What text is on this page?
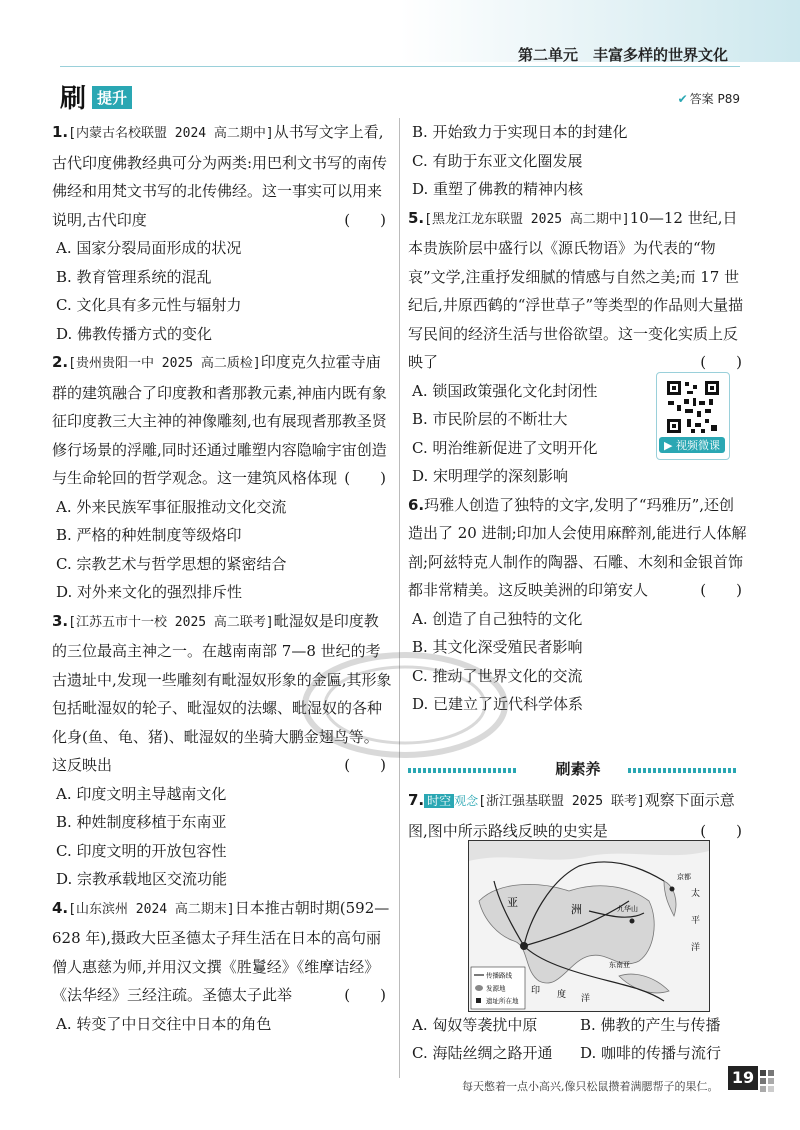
第二单元　丰富多样的世界文化
刷 提升	✔ 答案 P89

1.[内蒙古名校联盟 2024 高二期中]从书写文字上看,古代印度佛教经典可分为两类:用巴利文书写的南传佛经和用梵文书写的北传佛经。这一事实可以用来说明,古代印度	(　　)

A. 国家分裂局面形成的状况
B. 教育管理系统的混乱
C. 文化具有多元性与辐射力
D. 佛教传播方式的变化

2.[贵州贵阳一中 2025 高二质检]印度克久拉霍寺庙群的建筑融合了印度教和耆那教元素,神庙内既有象征印度教三大主神的神像雕刻,也有展现耆那教圣贤修行场景的浮雕,同时还通过雕塑内容隐喻宇宙创造与生命轮回的哲学观念。这一建筑风格体现 (　　)

A. 外来民族军事征服推动文化交流
B. 严格的种姓制度等级烙印
C. 宗教艺术与哲学思想的紧密结合
D. 对外来文化的强烈排斥性

3.[江苏五市十一校 2025 高二联考]毗湿奴是印度教的三位最高主神之一。在越南南部 7—8 世纪的考古遗址中,发现一些雕刻有毗湿奴形象的金匾,其形象包括毗湿奴的轮子、毗湿奴的法螺、毗湿奴的各种化身(鱼、龟、猪)、毗湿奴的坐骑大鹏金翅鸟等。这反映出	(　　)

A. 印度文明主导越南文化
B. 种姓制度移植于东南亚
C. 印度文明的开放包容性
D. 宗教承载地区交流功能

4.[山东滨州 2024 高二期末]日本推古朝时期(592—628 年),摄政大臣圣德太子拜生活在日本的高句丽僧人惠慈为师,并用汉文撰《胜鬘经》《维摩诘经》《法华经》三经注疏。圣德太子此举	(　　)

A. 转变了中日交往中日本的角色
B. 开始致力于实现日本的封建化
C. 有助于东亚文化圈发展
D. 重塑了佛教的精神内核

5.[黑龙江龙东联盟 2025 高二期中]10—12 世纪,日本贵族阶层中盛行以《源氏物语》为代表的“物哀”文学,注重抒发细腻的情感与自然之美;而 17 世纪后,井原西鹤的“浮世草子”等类型的作品则大量描写民间的经济生活与世俗欲望。这一变化实质上反映了	(　　)

A. 锁国政策强化文化封闭性
B. 市民阶层的不断壮大
C. 明治维新促进了文明开化
D. 宋明理学的深刻影响

6.玛雅人创造了独特的文字,发明了“玛雅历”,还创造出了 20 进制;印加人会使用麻醉剂,能进行人体解剖;阿兹特克人制作的陶器、石雕、木刻和金银首饰都非常精美。这反映美洲的印第安人	(　　)

A. 创造了自己独特的文化
B. 其文化深受殖民者影响
C. 推动了世界文化的交流
D. 已建立了近代科学体系
▶ 视频微课
刷素养

7. 时空 观念[浙江强基联盟 2025 联考]观察下面示意图,图中所示路线反映的史实是	(　　)

亚
洲
京都
太
平
洋
九华山
东南亚
印 度 洋
传播路线
发源地
遗址所在地
A. 匈奴等袭扰中原	B. 佛教的产生与传播
C. 海陆丝绸之路开通 D. 咖啡的传播与流行
每天憋着一点小高兴,像只松鼠攒着满腮帮子的果仁。 19
